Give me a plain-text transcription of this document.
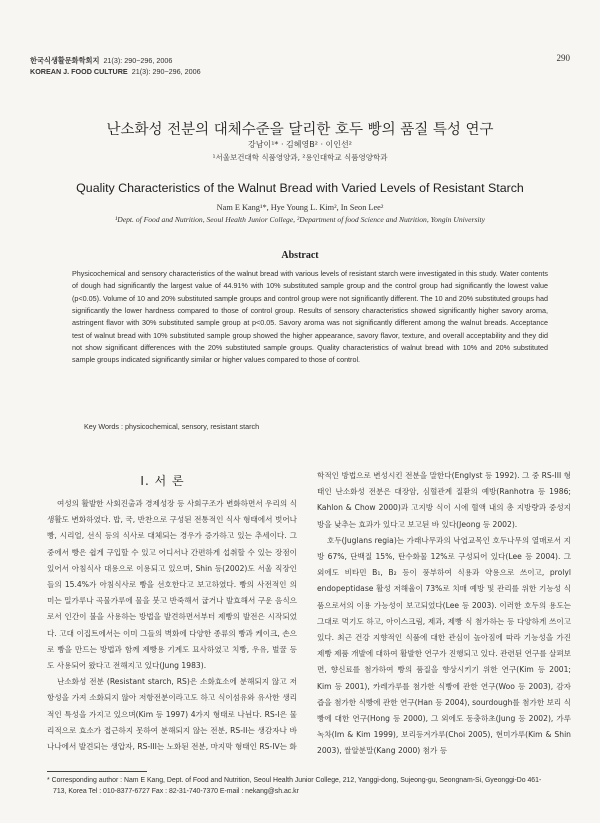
한국식생활문화학회지 21(3): 290~296, 2006
KOREAN J. FOOD CULTURE 21(3): 290~296, 2006
290
난소화성 전분의 대체수준을 달리한 호두 빵의 품질 특성 연구
강남이¹* · 김혜영B² · 이인선²
¹서울보건대학 식품영양과, ²용인대학교 식품영양학과
Quality Characteristics of the Walnut Bread with Varied Levels of Resistant Starch
Nam E Kang¹*, Hye Young L. Kim², In Seon Lee²
¹Dept. of Food and Nutrition, Seoul Health Junior College, ²Department of food Science and Nutrition, Yongin University
Abstract
Physicochemical and sensory characteristics of the walnut bread with various levels of resistant starch were investigated in this study. Water contents of dough had significantly the largest value of 44.91% with 10% substituted sample group and the control group had significantly the lowest value (p<0.05). Volume of 10 and 20% substituted sample groups and control group were not significantly different. The 10 and 20% substituted groups had significantly the lower hardness compared to those of control group. Results of sensory characteristics showed significantly higher savory aroma, astringent flavor with 30% substituted sample group at p<0.05. Savory aroma was not significantly different among the walnut breads. Acceptance test of walnut bread with 10% substituted sample group showed the higher appearance, savory flavor, texture, and overall acceptability and they did not show significant differences with the 20% substituted sample groups. Quality characteristics of walnut bread with 10% and 20% substituted sample groups indicated significantly similar or higher values compared to those of control.
Key Words : physicochemical, sensory, resistant starch
I. 서 론

여성의 활발한 사회진출과 경제성장 등 사회구조가 변화하면서 우리의 식생활도 변화하였다. 밥, 국, 반찬으로 구성된 전통적인 식사 형태에서 벗어나 빵, 시리얼, 선식 등의 식사로 대체되는 경우가 증가하고 있는 추세이다. 그 중에서 빵은 쉽게 구입할 수 있고 어디서나 간편하게 섭취할 수 있는 장점이 있어서 아침식사 대용으로 이용되고 있으며, Shin 등(2002)도 서울 직장인들의 15.4%가 아침식사로 빵을 선호한다고 보고하였다. 빵의 사전적인 의미는 밀가루나 곡물가루에 물을 붓고 반죽해서 굽거나 발효해서 구운 음식으로서 인간이 불을 사용하는 방법을 발견하면서부터 제빵의 발전은 시작되었다. 고대 이집트에서는 이미 그들의 벽화에 다양한 종류의 빵과 케이크, 손으로 빵을 만드는 방법과 함께 제빵용 기계도 묘사하였고 치빵, 우유, 벌꿀 등도 사용되어 왔다고 전해지고 있다(Jung 1983).

난소화성 전분 (Resistant starch, RS)은 소화효소에 분해되지 않고 저항성을 가져 소화되지 않아 저항전분이라고도 하고 식이섬유와 유사한 생리적인 특성을 가지고 있으며(Kim 등 1997) 4가지 형태로 나뉜다. RS-I은 물리적으로 효소가 접근하지 못하여 분해되지 않는 전분, RS-II는 생감자나 바나나에서 발견되는 생압자, RS-III는 노화된 전분, 마지막 형태인 RS-IV는 화

학적인 방법으로 변성시킨 전분을 말한다(Englyst 등 1992). 그 중 RS-III 형태인 난소화성 전분은 대장암, 심혈관계 질환의 예방(Ranhotra 등 1986; Kahlon & Chow 2000)과 고지방 식이 시에 혈액 내의 총 지방량과 중성지방을 낮추는 효과가 있다고 보고된 바 있다(Jeong 등 2002).

호두(Juglans regia)는 가래나무과의 낙엽교목인 호두나무의 열매로서 지방 67%, 단백질 15%, 탄수화물 12%로 구성되어 있다(Lee 등 2004). 그 외에도 비타민 B₁, B₂ 등이 풍부하여 식용과 약용으로 쓰이고, prolyl endopeptidase 활성 저해율이 73%로 치매 예방 및 관리를 위한 기능성 식품으로서의 이용 가능성이 보고되었다(Lee 등 2003). 이러한 호두의 용도는 그대로 먹기도 하고, 아이스크림, 제과, 제빵 식 첨가하는 등 다양하게 쓰이고 있다. 최근 건강 지향적인 식품에 대한 관심이 높아짐에 따라 기능성을 가진 제빵 제품 개발에 대하여 활발한 연구가 진행되고 있다. 관련된 연구를 살펴보면, 향신료를 첨가하여 빵의 품질을 향상시키기 위한 연구(Kim 등 2001; Kim 등 2001), 카레가루를 첨가한 식빵에 관한 연구(Woo 등 2003), 감자즙을 첨가한 식빵에 관한 연구(Han 등 2004), sourdough를 첨가한 보리 식빵에 대한 연구(Hong 등 2000), 그 외에도 동충하초(Jung 등 2002), 가루녹차(Im & Kim 1999), 보리등겨가루(Choi 2005), 현미가루(Kim & Shin 2003), 쌀알분말(Kang 2000) 첨가 등

* Corresponding author : Nam E Kang, Dept. of Food and Nutrition, Seoul Health Junior College, 212, Yanggi-dong, Sujeong-gu, Seongnam-Si, Gyeonggi-Do 461-
713, Korea Tel : 010-8377-6727 Fax : 82-31-740-7370 E-mail : nekang@sh.ac.kr
